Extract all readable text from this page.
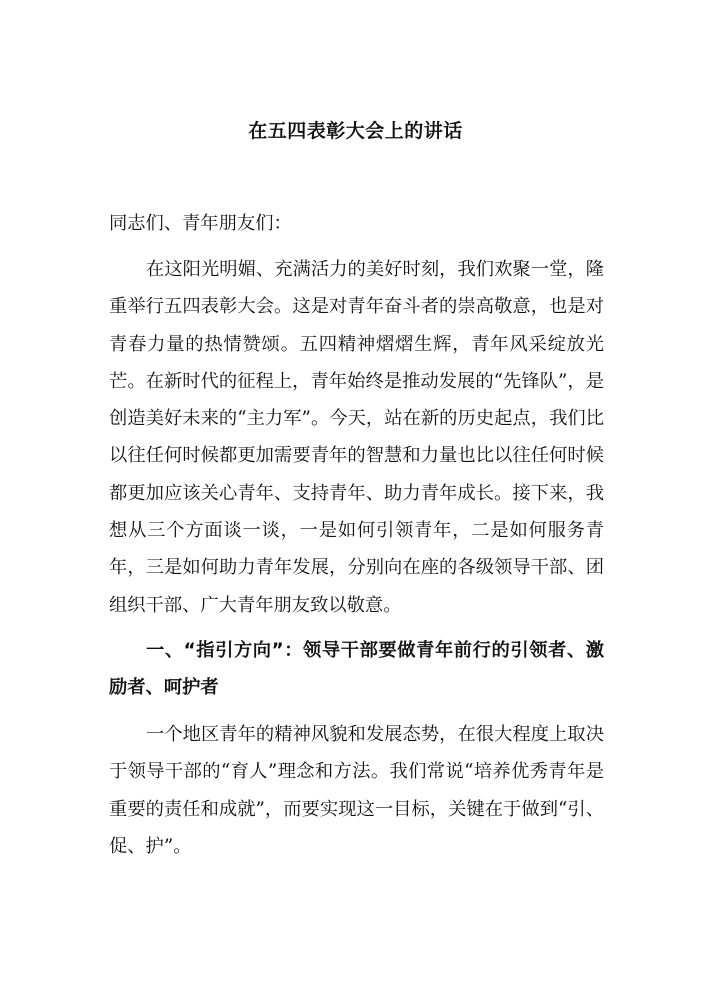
在五四表彰大会上的讲话

同志们、青年朋友们：

在这阳光明媚、充满活力的美好时刻，我们欢聚一堂，隆重举行五四表彰大会。这是对青年奋斗者的崇高敬意，也是对青春力量的热情赞颂。五四精神熠熠生辉，青年风采绽放光芒。在新时代的征程上，青年始终是推动发展的“先锋队”，是创造美好未来的“主力军”。今天，站在新的历史起点，我们比以往任何时候都更加需要青年的智慧和力量也比以往任何时候都更加应该关心青年、支持青年、助力青年成长。接下来，我想从三个方面谈一谈，一是如何引领青年，二是如何服务青年，三是如何助力青年发展，分别向在座的各级领导干部、团组织干部、广大青年朋友致以敬意。

一、“指引方向”：领导干部要做青年前行的引领者、激励者、呵护者

一个地区青年的精神风貌和发展态势，在很大程度上取决于领导干部的“育人”理念和方法。我们常说“培养优秀青年是重要的责任和成就”，而要实现这一目标，关键在于做到“引、促、护”。
